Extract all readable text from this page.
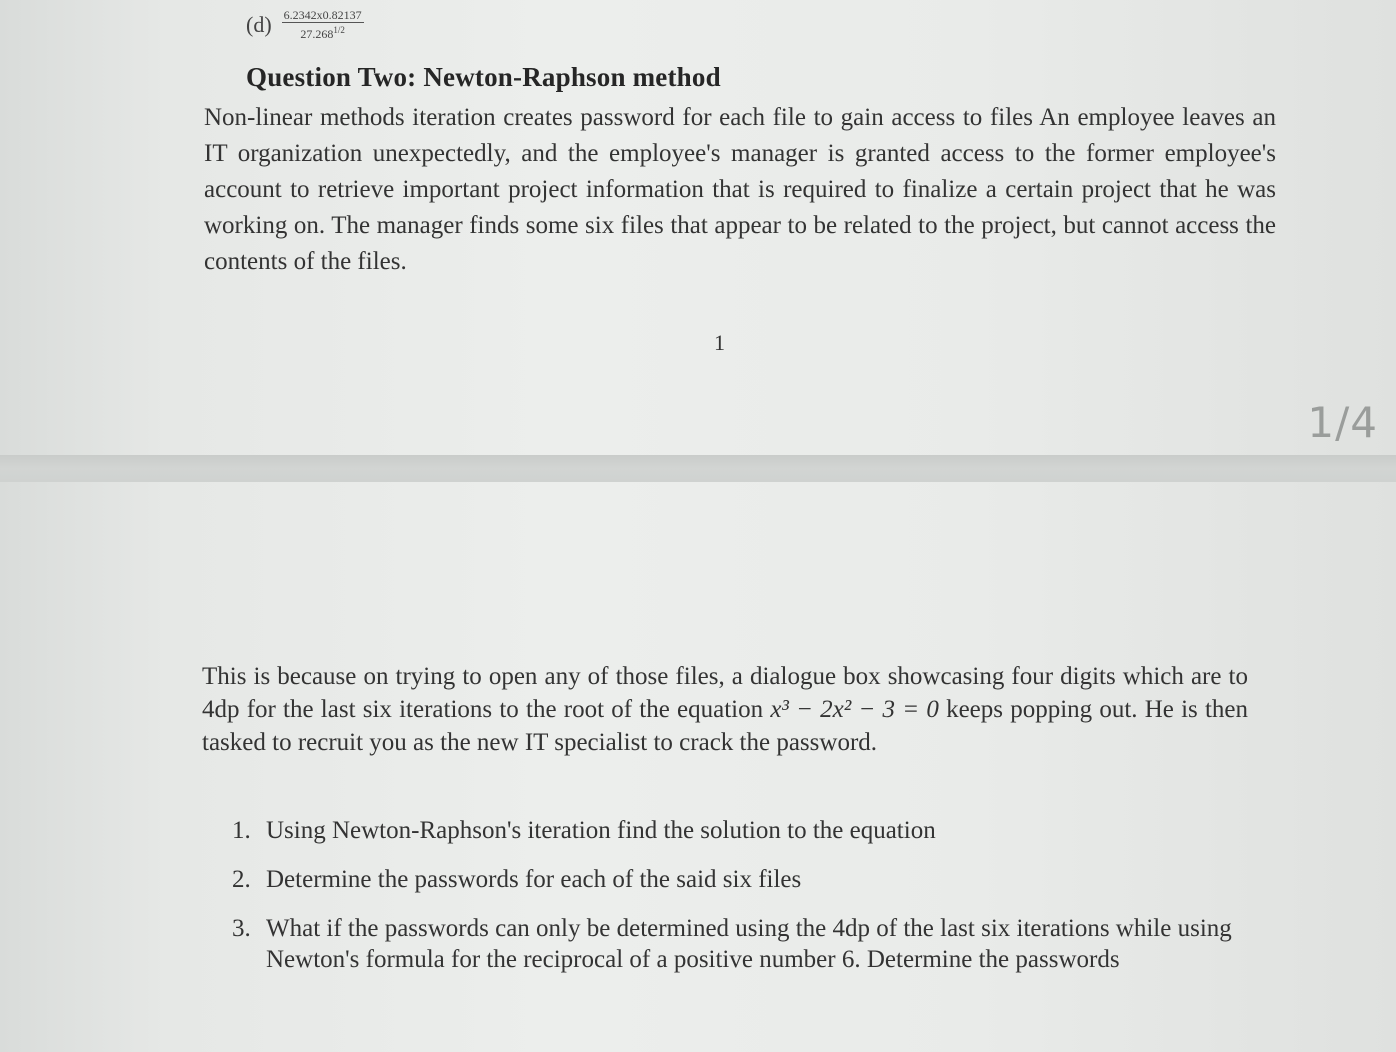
$(d) \frac{6.2342x0.82137}{27.268^{1/2}}$
Question Two: Newton-Raphson method

Non-linear methods iteration creates password for each file to gain access to files An employee leaves an IT organization unexpectedly, and the employee's manager is granted access to the former employee's account to retrieve important project information that is required to finalize a certain project that he was working on. The manager finds some six files that appear to be related to the project, but cannot access the contents of the files.

1
1/4

This is because on trying to open any of those files, a dialogue box showcasing four digits which are to 4dp for the last six iterations to the root of the equation x³ − 2x² − 3 = 0 keeps popping out. He is then tasked to recruit you as the new IT specialist to crack the password.

1. Using Newton-Raphson's iteration find the solution to the equation
2. Determine the passwords for each of the said six files
3. What if the passwords can only be determined using the 4dp of the last six iterations while using Newton's formula for the reciprocal of a positive number 6. Determine the passwords
